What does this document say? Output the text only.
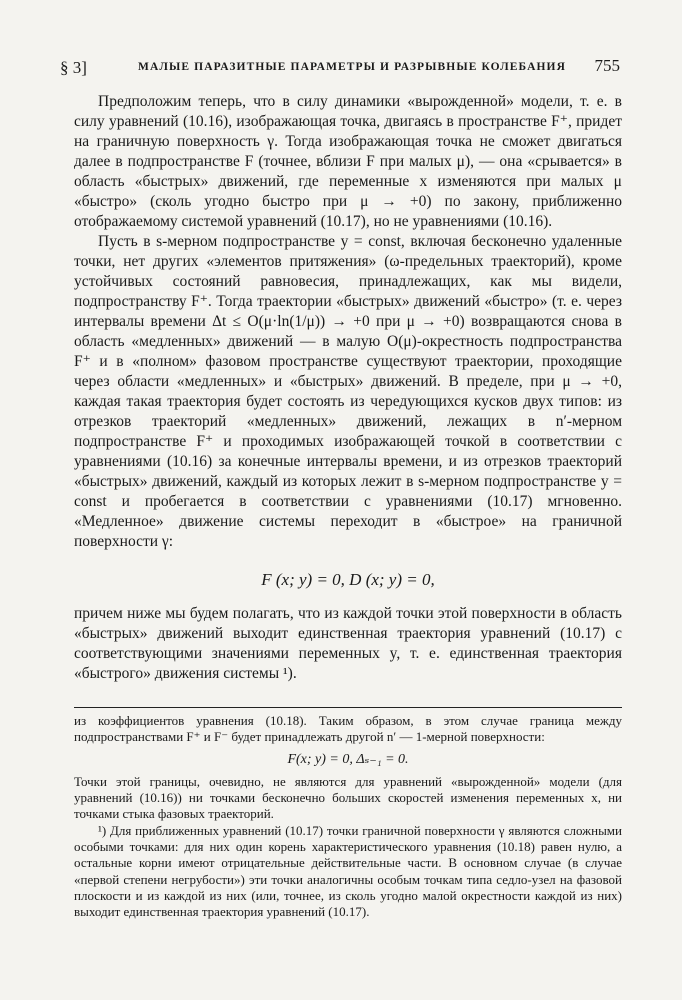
§ 3]	МАЛЫЕ ПАРАЗИТНЫЕ ПАРАМЕТРЫ И РАЗРЫВНЫЕ КОЛЕБАНИЯ 755

Предположим теперь, что в силу динамики «вырожденной» модели, т. е. в силу уравнений (10.16), изображающая точка, двигаясь в пространстве F⁺, придет на граничную поверхность γ. Тогда изображающая точка не сможет двигаться далее в подпространстве F (точнее, вблизи F при малых μ), — она «срывается» в область «быстрых» движений, где переменные x изменяются при малых μ «быстро» (сколь угодно быстро при μ → +0) по закону, приближенно отображаемому системой уравнений (10.17), но не уравнениями (10.16).

Пусть в s-мерном подпространстве y = const, включая бесконечно удаленные точки, нет других «элементов притяжения» (ω-предельных траекторий), кроме устойчивых состояний равновесия, принадлежащих, как мы видели, подпространству F⁺. Тогда траектории «быстрых» движений «быстро» (т. е. через интервалы времени Δt ≤ O(μ·ln(1/μ)) → +0 при μ → +0) возвращаются снова в область «медленных» движений — в малую O(μ)-окрестность подпространства F⁺ и в «полном» фазовом пространстве существуют траектории, проходящие через области «медленных» и «быстрых» движений. В пределе, при μ → +0, каждая такая траектория будет состоять из чередующихся кусков двух типов: из отрезков траекторий «медленных» движений, лежащих в n′-мерном подпространстве F⁺ и проходимых изображающей точкой в соответствии с уравнениями (10.16) за конечные интервалы времени, и из отрезков траекторий «быстрых» движений, каждый из которых лежит в s-мерном подпространстве y = const и пробегается в соответствии с уравнениями (10.17) мгновенно. «Медленное» движение системы переходит в «быстрое» на граничной поверхности γ:

F (x; y) = 0, D (x; y) = 0,

причем ниже мы будем полагать, что из каждой точки этой поверхности в область «быстрых» движений выходит единственная траектория уравнений (10.17) с соответствующими значениями переменных y, т. е. единственная траектория «быстрого» движения системы ¹).

из коэффициентов уравнения (10.18). Таким образом, в этом случае граница между подпространствами F⁺ и F⁻ будет принадлежать другой n′ — 1-мерной поверхности:

F(x; y) = 0, Δₛ₋₁ = 0.

Точки этой границы, очевидно, не являются для уравнений «вырожденной» модели (для уравнений (10.16)) ни точками бесконечно больших скоростей изменения переменных x, ни точками стыка фазовых траекторий.

¹) Для приближенных уравнений (10.17) точки граничной поверхности γ являются сложными особыми точками: для них один корень характеристического уравнения (10.18) равен нулю, а остальные корни имеют отрицательные действительные части. В основном случае (в случае «первой степени негрубости») эти точки аналогичны особым точкам типа седло-узел на фазовой плоскости и из каждой из них (или, точнее, из сколь угодно малой окрестности каждой из них) выходит единственная траектория уравнений (10.17).
